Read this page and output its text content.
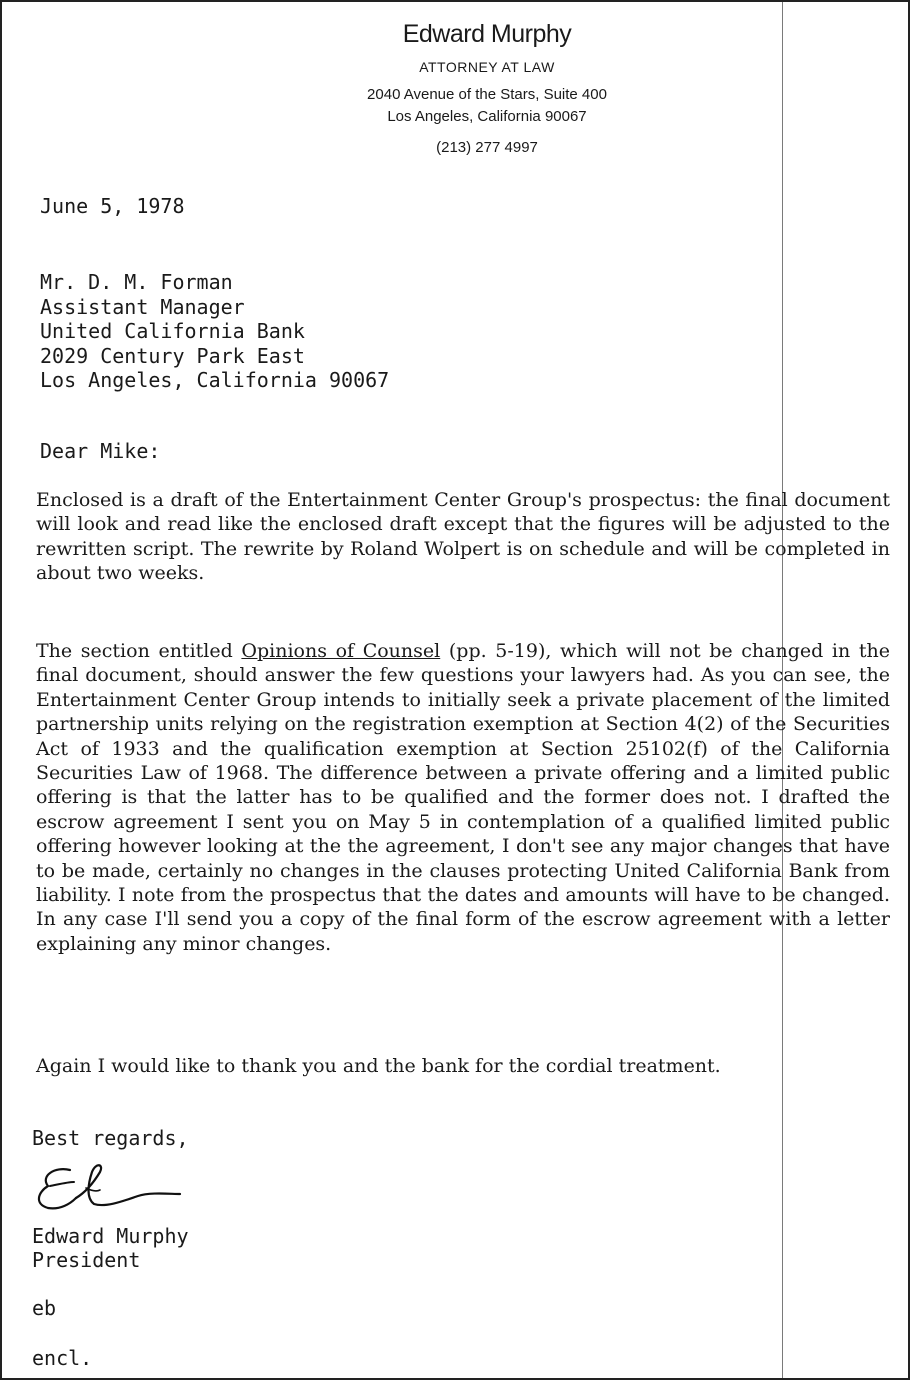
Edward Murphy
ATTORNEY AT LAW
2040 Avenue of the Stars, Suite 400
Los Angeles, California 90067
(213) 277 4997
June 5, 1978
Mr. D. M. Forman
Assistant Manager
United California Bank
2029 Century Park East
Los Angeles, California 90067
Dear Mike:

Enclosed is a draft of the Entertainment Center Group's prospectus: the final document will look and read like the enclosed draft except that the figures will be adjusted to the rewritten script. The rewrite by Roland Wolpert is on schedule and will be completed in about two weeks.

The section entitled Opinions of Counsel (pp. 5-19), which will not be changed in the final document, should answer the few questions your lawyers had. As you can see, the Entertainment Center Group intends to initially seek a private placement of the limited partnership units relying on the registration exemption at Section 4(2) of the Securities Act of 1933 and the qualification exemption at Section 25102(f) of the California Securities Law of 1968. The difference between a private offering and a limited public offering is that the latter has to be qualified and the former does not. I drafted the escrow agreement I sent you on May 5 in contemplation of a qualified limited public offering however looking at the the agreement, I don't see any major changes that have to be made, certainly no changes in the clauses protecting United California Bank from liability. I note from the prospectus that the dates and amounts will have to be changed. In any case I'll send you a copy of the final form of the escrow agreement with a letter explaining any minor changes.

Again I would like to thank you and the bank for the cordial treatment.

Best regards,
Edward Murphy
President
eb
encl.
